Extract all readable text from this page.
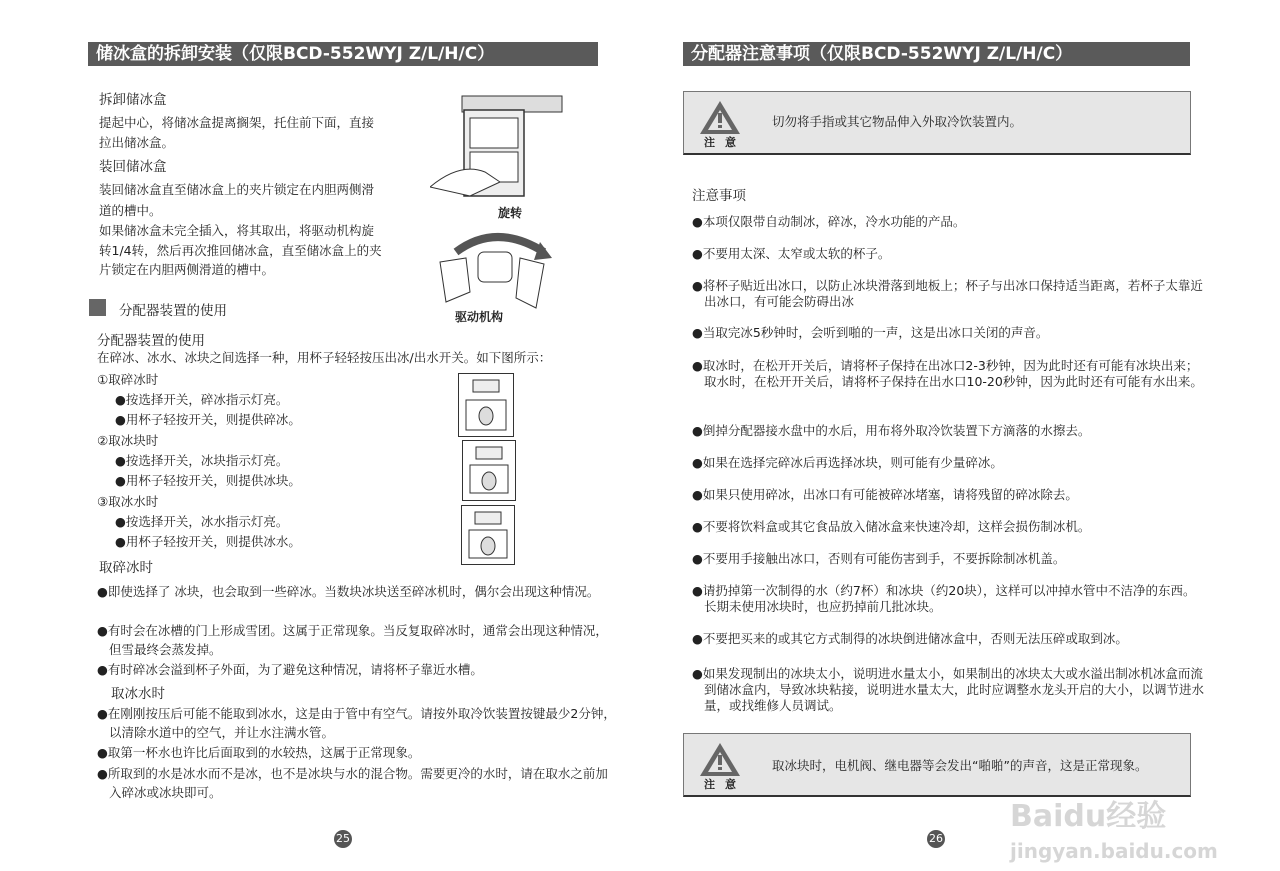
储冰盒的拆卸安装（仅限BCD-552WYJ Z/L/H/C）
拆卸储冰盒
提起中心，将储冰盒提离搁架，托住前下面，直接
拉出储冰盒。
装回储冰盒
装回储冰盒直至储冰盒上的夹片锁定在内胆两侧滑
道的槽中。
如果储冰盒未完全插入，将其取出，将驱动机构旋
转1/4转，然后再次推回储冰盒，直至储冰盒上的夹
片锁定在内胆两侧滑道的槽中。
旋转
驱动机构
分配器装置的使用
分配器装置的使用
在碎冰、冰水、冰块之间选择一种，用杯子轻轻按压出冰/出水开关。如下图所示：
①取碎冰时
● 按选择开关，碎冰指示灯亮。
● 用杯子轻按开关，则提供碎冰。
②取冰块时
● 按选择开关，冰块指示灯亮。
● 用杯子轻按开关，则提供冰块。
③取冰水时
● 按选择开关，冰水指示灯亮。
● 用杯子轻按开关，则提供冰水。
取碎冰时
● 即使选择了 冰块，也会取到一些碎冰。当数块冰块送至碎冰机时，偶尔会出现这种情况。
● 有时会在冰槽的门上形成雪团。这属于正常现象。当反复取碎冰时，通常会出现这种情况，但雪最终会蒸发掉。
● 有时碎冰会溢到杯子外面，为了避免这种情况，请将杯子靠近水槽。
取冰水时
● 在刚刚按压后可能不能取到冰水，这是由于管中有空气。请按外取冷饮装置按键最少2分钟，以清除水道中的空气，并让水注满水管。
● 取第一杯水也许比后面取到的水较热，这属于正常现象。
● 所取到的水是冰水而不是冰，也不是冰块与水的混合物。需要更冷的水时，请在取水之前加入碎冰或冰块即可。
25
分配器注意事项（仅限BCD-552WYJ Z/L/H/C）
注意
切勿将手指或其它物品伸入外取冷饮装置内。
注意事项
● 本项仅限带自动制冰，碎冰，冷水功能的产品。
● 不要用太深、太窄或太软的杯子。
● 将杯子贴近出冰口，以防止冰块滑落到地板上；杯子与出冰口保持适当距离，若杯子太靠近出冰口，有可能会防碍出冰
● 当取完冰5秒钟时，会听到啪的一声，这是出冰口关闭的声音。
● 取冰时，在松开开关后，请将杯子保持在出冰口2-3秒钟，因为此时还有可能有冰块出来；取水时，在松开开关后，请将杯子保持在出水口10-20秒钟，因为此时还有可能有水出来。
● 倒掉分配器接水盘中的水后，用布将外取冷饮装置下方滴落的水擦去。
● 如果在选择完碎冰后再选择冰块，则可能有少量碎冰。
● 如果只使用碎冰，出冰口有可能被碎冰堵塞，请将残留的碎冰除去。
● 不要将饮料盒或其它食品放入储冰盒来快速冷却，这样会损伤制冰机。
● 不要用手接触出冰口，否则有可能伤害到手，不要拆除制冰机盖。
● 请扔掉第一次制得的水（约7杯）和冰块（约20块），这样可以冲掉水管中不洁净的东西。长期未使用冰块时，也应扔掉前几批冰块。
● 不要把买来的或其它方式制得的冰块倒进储冰盒中，否则无法压碎或取到冰。
● 如果发现制出的冰块太小，说明进水量太小，如果制出的冰块太大或水溢出制冰机冰盒而流到储冰盒内，导致冰块粘接，说明进水量太大，此时应调整水龙头开启的大小，以调节进水量，或找维修人员调试。
注意
取冰块时，电机阀、继电器等会发出“啪啪”的声音，这是正常现象。
26
Baidu经验
jingyan.baidu.com
